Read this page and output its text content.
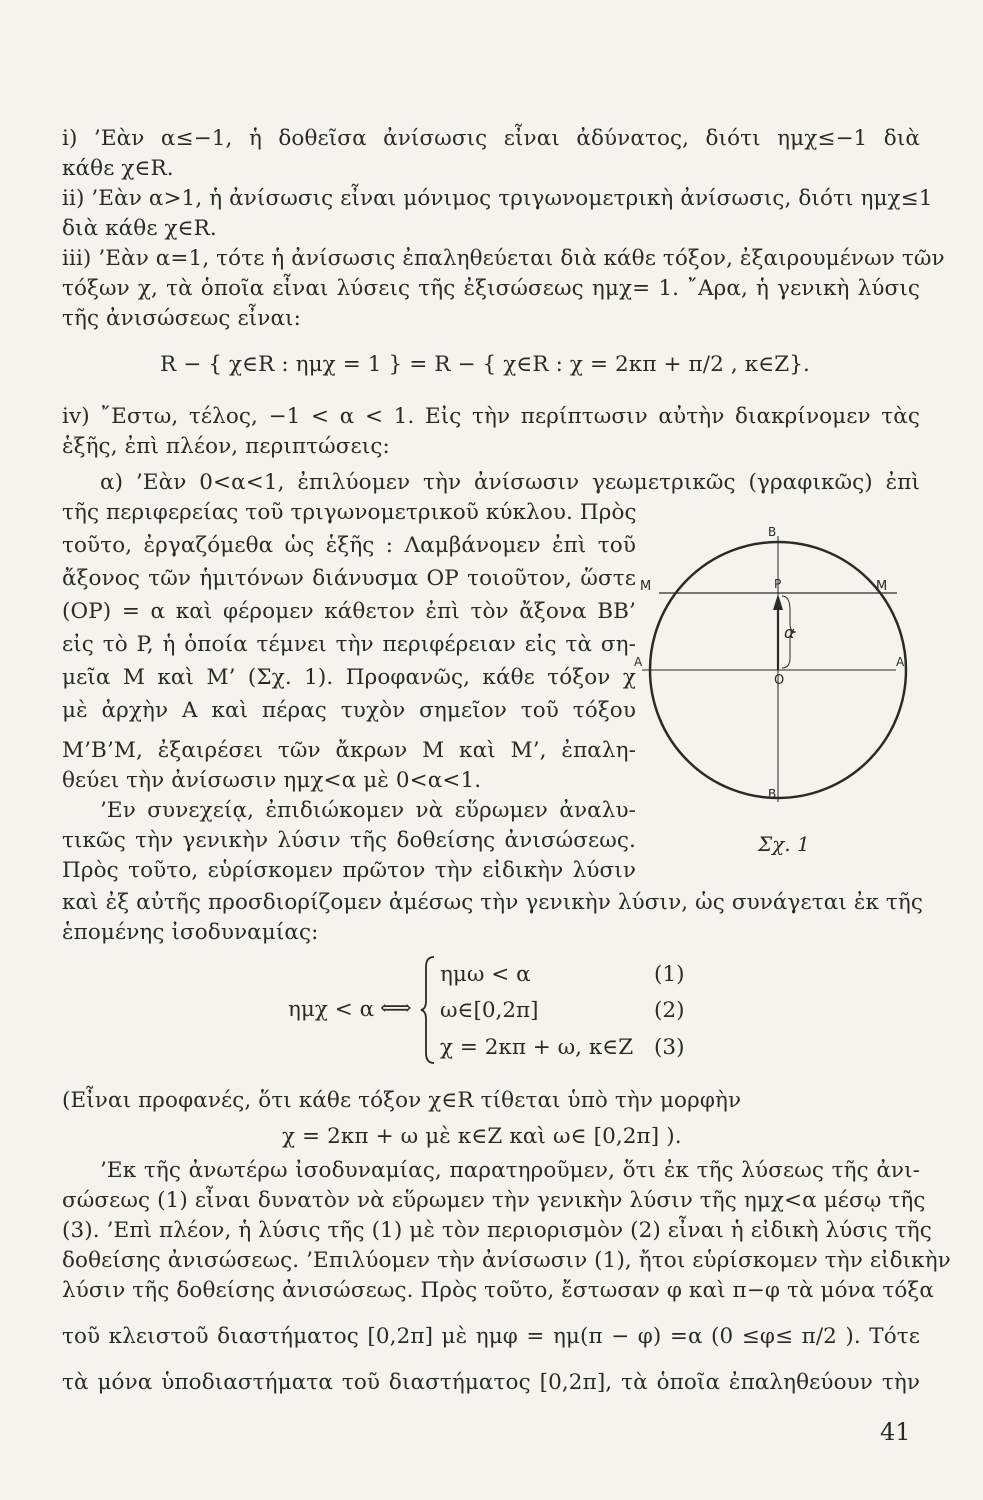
i) ’Εὰν α≤−1, ἡ δοθεῖσα ἀνίσωσις εἶναι ἀδύνατος, διότι ημχ≤−1 διὰ
κάθε χ∈R.
ii) ’Εὰν α>1, ἡ ἀνίσωσις εἶναι μόνιμος τριγωνομετρικὴ ἀνίσωσις, διότι ημχ≤1
διὰ κάθε χ∈R.
iii) ’Εὰν α=1, τότε ἡ ἀνίσωσις ἐπαληθεύεται διὰ κάθε τόξον, ἐξαιρουμένων τῶν
τόξων χ, τὰ ὁποῖα εἶναι λύσεις τῆς ἐξισώσεως ημχ= 1. ῎Αρα, ἡ γενικὴ λύσις
τῆς ἀνισώσεως εἶναι:
R − { χ∈R : ημχ = 1 } = R − { χ∈R : χ = 2κπ + π/2 , κ∈Z}.
iv) ῎Εστω, τέλος, −1 < α < 1. Εἰς τὴν περίπτωσιν αὐτὴν διακρίνομεν τὰς
ἑξῆς, ἐπὶ πλέον, περιπτώσεις:
α) ’Εὰν 0<α<1, ἐπιλύομεν τὴν ἀνίσωσιν γεωμετρικῶς (γραφικῶς) ἐπὶ
τῆς περιφερείας τοῦ τριγωνομετρικοῦ κύκλου. Πρὸς
τοῦτο, ἐργαζόμεθα ὡς ἑξῆς : Λαμβάνομεν ἐπὶ τοῦ
ἄξονος τῶν ἡμιτόνων διάνυσμα OP τοιοῦτον, ὥστε
(OP) = α καὶ φέρομεν κάθετον ἐπὶ τὸν ἄξονα BB’
εἰς τὸ P, ἡ ὁποία τέμνει τὴν περιφέρειαν εἰς τὰ ση-
μεῖα M καὶ M’ (Σχ. 1). Προφανῶς, κάθε τόξον χ
μὲ ἀρχὴν A καὶ πέρας τυχὸν σημεῖον τοῦ τόξου
M’B’M, ἐξαιρέσει τῶν ἄκρων M καὶ M’, ἐπαλη-
θεύει τὴν ἀνίσωσιν ημχ<α μὲ 0<α<1.
’Εν συνεχείᾳ, ἐπιδιώκομεν νὰ εὕρωμεν ἀναλυ-
τικῶς τὴν γενικὴν λύσιν τῆς δοθείσης ἀνισώσεως.
Πρὸς τοῦτο, εὑρίσκομεν πρῶτον τὴν εἰδικὴν λύσιν
καὶ ἐξ αὐτῆς προσδιορίζομεν ἀμέσως τὴν γενικὴν λύσιν, ὡς συνάγεται ἐκ τῆς
ἑπομένης ἰσοδυναμίας:
B
B
M	M
P
A	A
O
α
Σχ. 1
ημχ < α ⟺
ημω < α	(1)
ω∈[0,2π]	(2)
χ = 2κπ + ω, κ∈Z (3)
(Εἶναι προφανές, ὅτι κάθε τόξον χ∈R τίθεται ὑπὸ τὴν μορφὴν
χ = 2κπ + ω μὲ κ∈Z καὶ ω∈ [0,2π] ).
’Εκ τῆς ἀνωτέρω ἰσοδυναμίας, παρατηροῦμεν, ὅτι ἐκ τῆς λύσεως τῆς ἀνι-
σώσεως (1) εἶναι δυνατὸν νὰ εὕρωμεν τὴν γενικὴν λύσιν τῆς ημχ<α μέσῳ τῆς
(3). ’Επὶ πλέον, ἡ λύσις τῆς (1) μὲ τὸν περιορισμὸν (2) εἶναι ἡ εἰδικὴ λύσις τῆς
δοθείσης ἀνισώσεως. ’Επιλύομεν τὴν ἀνίσωσιν (1), ἤτοι εὑρίσκομεν τὴν εἰδικὴν
λύσιν τῆς δοθείσης ἀνισώσεως. Πρὸς τοῦτο, ἔστωσαν φ καὶ π−φ τὰ μόνα τόξα
τοῦ κλειστοῦ διαστήματος [0,2π] μὲ ημφ = ημ(π − φ) =α (0 ≤φ≤ π/2 ). Τότε
τὰ μόνα ὑποδιαστήματα τοῦ διαστήματος [0,2π], τὰ ὁποῖα ἐπαληθεύουν τὴν
41
